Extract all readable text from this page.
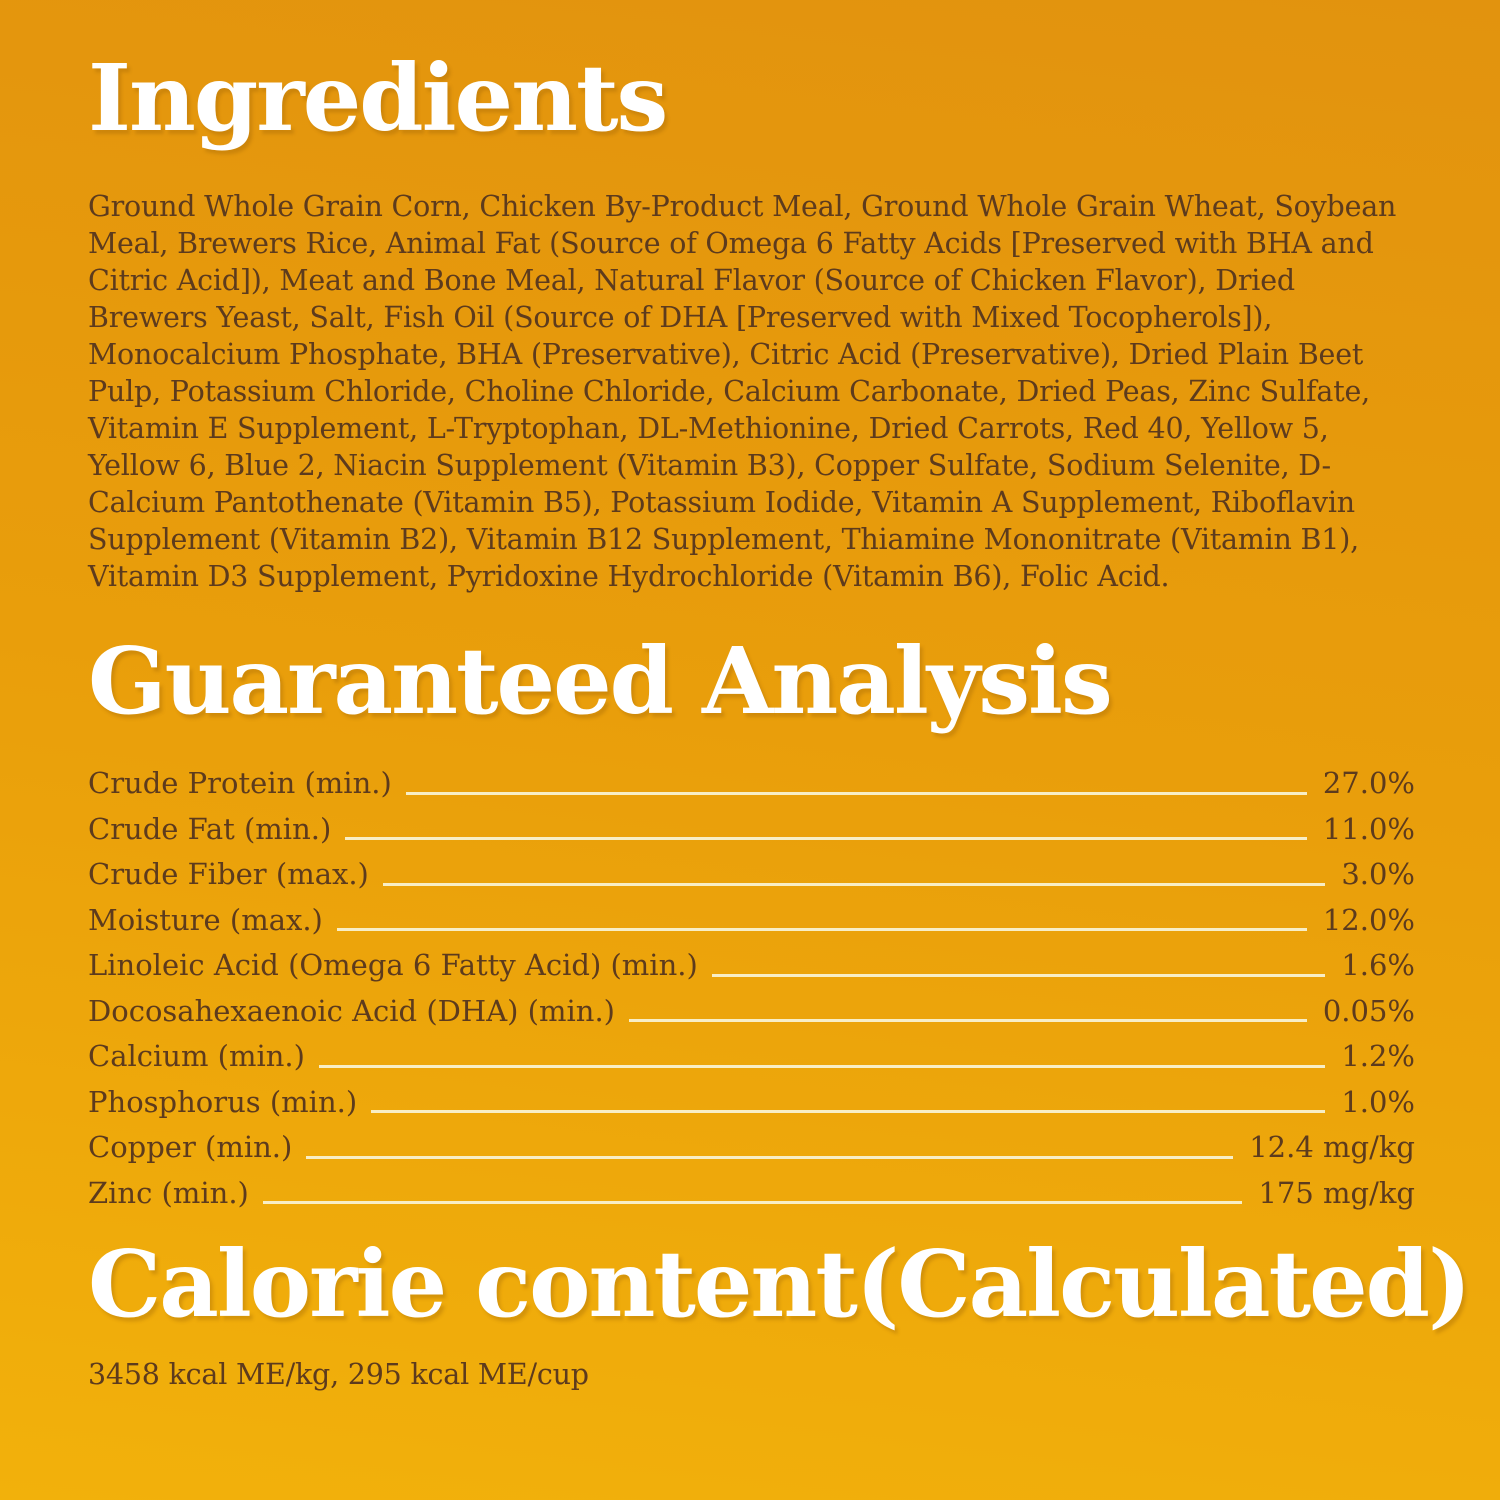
Ingredients

Ground Whole Grain Corn, Chicken By-Product Meal, Ground Whole Grain Wheat, Soybean Meal, Brewers Rice, Animal Fat (Source of Omega 6 Fatty Acids [Preserved with BHA and Citric Acid]), Meat and Bone Meal, Natural Flavor (Source of Chicken Flavor), Dried Brewers Yeast, Salt, Fish Oil (Source of DHA [Preserved with Mixed Tocopherols]), Monocalcium Phosphate, BHA (Preservative), Citric Acid (Preservative), Dried Plain Beet Pulp, Potassium Chloride, Choline Chloride, Calcium Carbonate, Dried Peas, Zinc Sulfate, Vitamin E Supplement, L-Tryptophan, DL-Methionine, Dried Carrots, Red 40, Yellow 5, Yellow 6, Blue 2, Niacin Supplement (Vitamin B3), Copper Sulfate, Sodium Selenite, D-Calcium Pantothenate (Vitamin B5), Potassium Iodide, Vitamin A Supplement, Riboflavin Supplement (Vitamin B2), Vitamin B12 Supplement, Thiamine Mononitrate (Vitamin B1), Vitamin D3 Supplement, Pyridoxine Hydrochloride (Vitamin B6), Folic Acid.

Guaranteed Analysis
Crude Protein (min.)	27.0%
Crude Fat (min.)	11.0%
Crude Fiber (max.)	3.0%
Moisture (max.)	12.0%
Linoleic Acid (Omega 6 Fatty Acid) (min.)	1.6%
Docosahexaenoic Acid (DHA) (min.)	0.05%
Calcium (min.)	1.2%
Phosphorus (min.)	1.0%
Copper (min.)	12.4 mg/kg
Zinc (min.)	175 mg/kg
Calorie content (Calculated)

3458 kcal ME/kg, 295 kcal ME/cup
